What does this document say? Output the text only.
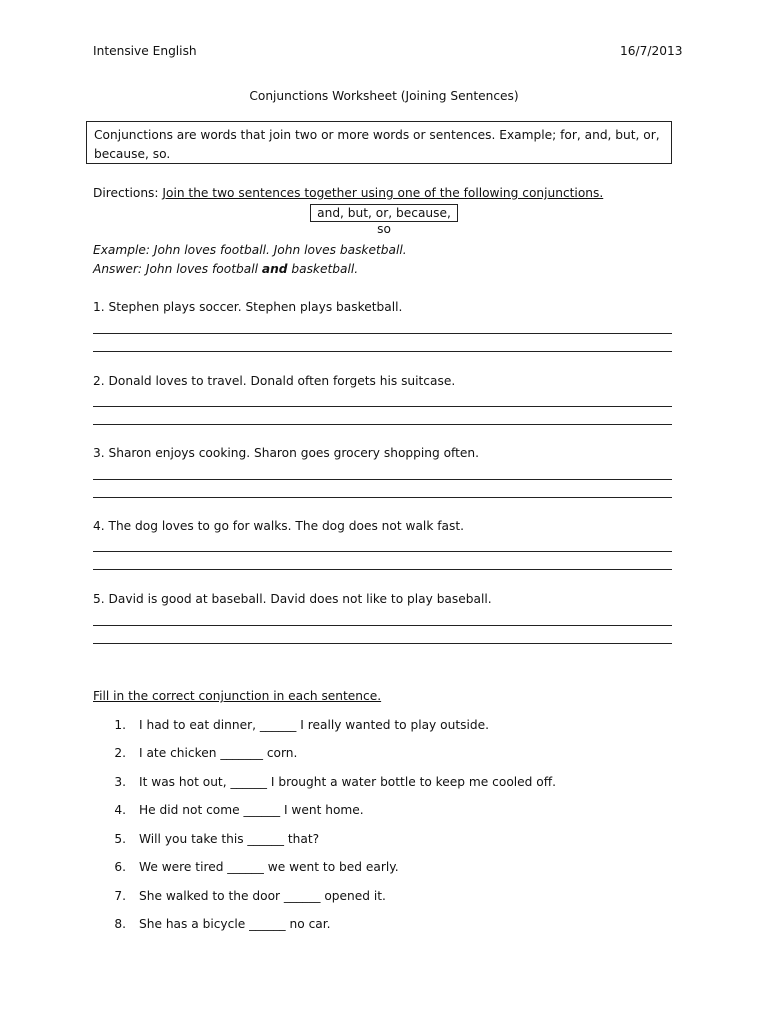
Intensive English	16/7/2013
Conjunctions Worksheet (Joining Sentences)
Conjunctions are words that join two or more words or sentences. Example; for, and, but, or, because, so.
Directions: Join the two sentences together using one of the following conjunctions.
and, but, or, because, so
Example: John loves football. John loves basketball.
Answer: John loves football and basketball.
1. Stephen plays soccer. Stephen plays basketball.
2. Donald loves to travel. Donald often forgets his suitcase.
3. Sharon enjoys cooking. Sharon goes grocery shopping often.
4. The dog loves to go for walks. The dog does not walk fast.
5. David is good at baseball. David does not like to play baseball.
Fill in the correct conjunction in each sentence.
1. I had to eat dinner, ______ I really wanted to play outside.
2. I ate chicken _______ corn.
3. It was hot out, ______ I brought a water bottle to keep me cooled off.
4. He did not come ______ I went home.
5. Will you take this ______ that?
6. We were tired ______ we went to bed early.
7. She walked to the door ______ opened it.
8. She has a bicycle ______ no car.
